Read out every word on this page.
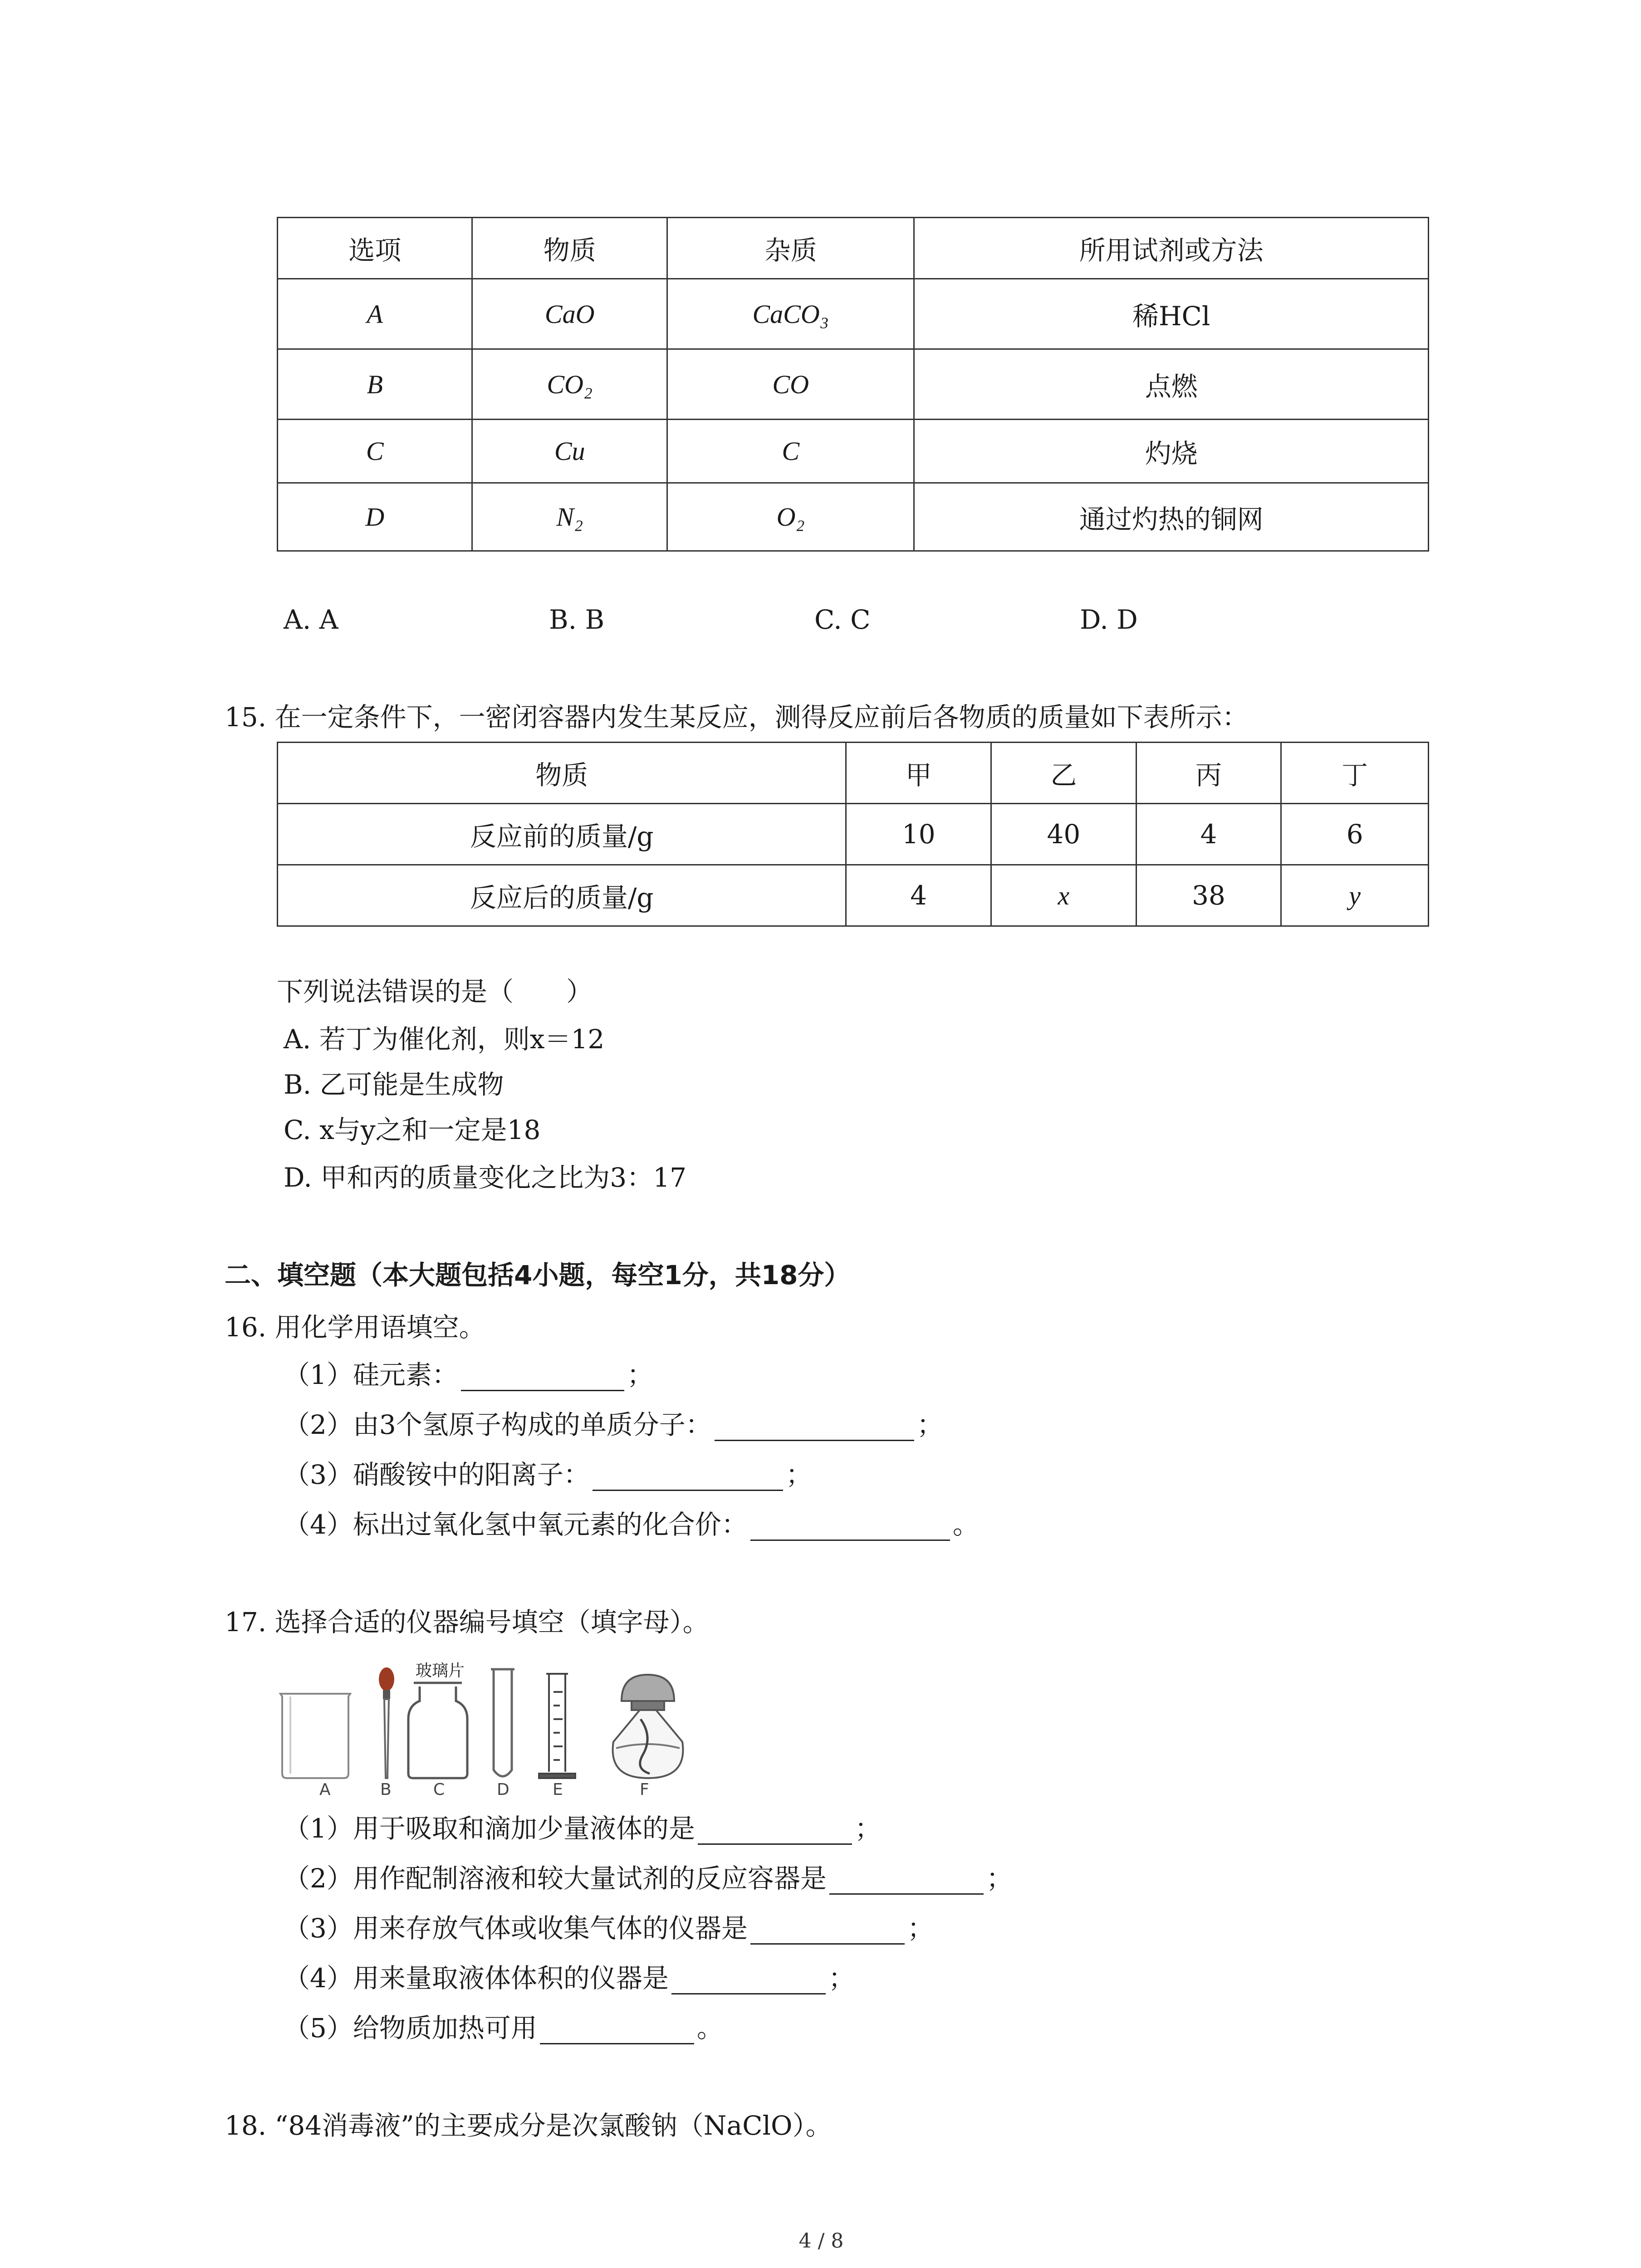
选项	物质	杂质	所用试剂或方法
A	CaO	CaCO₃	稀HCl
B	CO₂	CO	点燃
C	Cu	C	灼烧
D	N₂	O₂	通过灼热的铜网
A. A	B. B	C. C	D. D
15. 在一定条件下，一密闭容器内发生某反应，测得反应前后各物质的质量如下表所示：
物质	甲	乙	丙	丁
反应前的质量/g	10	40	4	6
反应后的质量/g	4	x	38	y
下列说法错误的是（　　）
A. 若丁为催化剂，则x＝12
B. 乙可能是生成物
C. x与y之和一定是18
D. 甲和丙的质量变化之比为3：17
二、填空题（本大题包括4小题，每空1分，共18分）
16. 用化学用语填空。
（1）硅元素：	；
（2）由3个氢原子构成的单质分子：	；
（3）硝酸铵中的阳离子：	；
（4）标出过氧化氢中氧元素的化合价：	。
17. 选择合适的仪器编号填空（填字母）。
玻璃片
A	B	C	D	E	F
（1）用于吸取和滴加少量液体的是	；
（2）用作配制溶液和较大量试剂的反应容器是	；
（3）用来存放气体或收集气体的仪器是	；
（4）用来量取液体体积的仪器是	；
（5）给物质加热可用	。
18. “84消毒液”的主要成分是次氯酸钠（NaClO）。
4 / 8
